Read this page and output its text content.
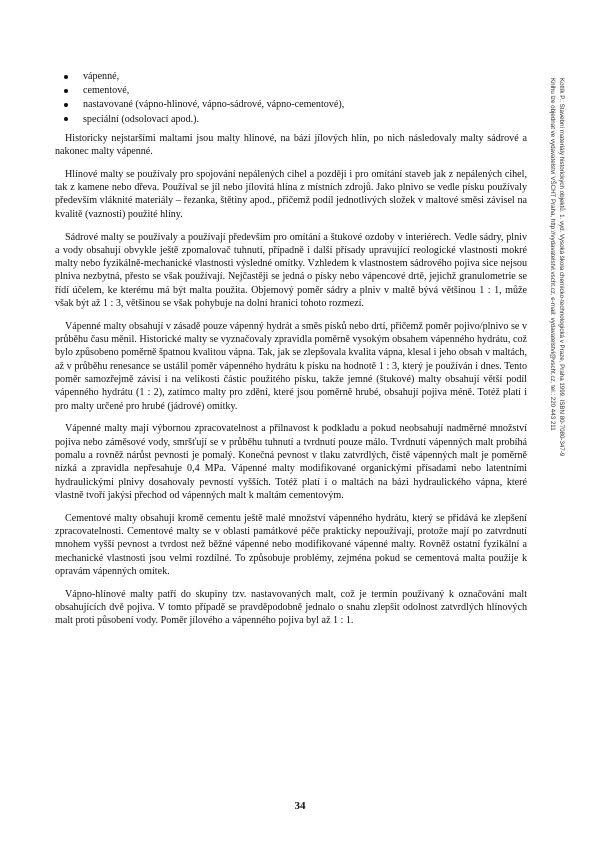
vápenné,
cementové,
nastavované (vápno-hlinové, vápno-sádrové, vápno-cementové),
speciální (odsolovací apod.).

Historicky nejstaršími maltami jsou malty hlinové, na bázi jílových hlín, po nich následovaly malty sádrové a nakonec malty vápenné.

Hlínové malty se používaly pro spojování nepálených cihel a později i pro omítání staveb jak z nepálených cihel, tak z kamene nebo dřeva. Používal se jíl nebo jílovitá hlína z místních zdrojů. Jako plnivo se vedle písku používaly především vláknité materiály – řezanka, štětiny apod., přičemž podíl jednotlivých složek v maltové směsi závisel na kvalitě (vaznosti) použité hlíny.

Sádrové malty se používaly a používají především pro omítání a štukové ozdoby v interiérech. Vedle sádry, plniv a vody obsahují obvykle ještě zpomalovač tuhnutí, případně i další přísady upravující reologické vlastnosti mokré malty nebo fyzikálně-mechanické vlastnosti výsledné omítky. Vzhledem k vlastnostem sádrového pojiva sice nejsou plniva nezbytná, přesto se však používají. Nejčastěji se jedná o písky nebo vápencové drtě, jejichž granulometrie se řídí účelem, ke kterému má být malta použita. Objemový poměr sádry a plniv v maltě bývá většinou 1 : 1, může však být až 1 : 3, většinou se však pohybuje na dolní hranici tohoto rozmezí.

Vápenné malty obsahují v zásadě pouze vápenný hydrát a směs písků nebo drtí, přičemž poměr pojivo/plnivo se v průběhu času měnil. Historické malty se vyznačovaly zpravidla poměrně vysokým obsahem vápenného hydrátu, což bylo způsobeno poměrně špatnou kvalitou vápna. Tak, jak se zlepšovala kvalita vápna, klesal i jeho obsah v maltách, až v průběhu renesance se ustálil poměr vápenného hydrátu k písku na hodnotě 1 : 3, který je používán i dnes. Tento poměr samozřejmě závisí i na velikosti částic použitého písku, takže jemné (štukové) malty obsahují větší podíl vápenného hydrátu (1 : 2), zatímco malty pro zdění, které jsou poměrně hrubé, obsahují pojiva méně. Totéž platí i pro malty určené pro hrubé (jádrové) omítky.

Vápenné malty mají výbornou zpracovatelnost a přilnavost k podkladu a pokud neobsahují nadměrné množství pojiva nebo záměsové vody, smršťují se v průběhu tuhnutí a tvrdnutí pouze málo. Tvrdnutí vápenných malt probíhá pomalu a rovněž nárůst pevnosti je pomalý. Konečná pevnost v tlaku zatvrdlých, čistě vápenných malt je poměrně nízká a zpravidla nepřesahuje 0,4 MPa. Vápenné malty modifikované organickými přísadami nebo latentními hydraulickými plnivy dosahovaly pevností vyšších. Totéž platí i o maltách na bázi hydraulického vápna, které vlastně tvoří jakýsi přechod od vápenných malt k maltám cementovým.

Cementové malty obsahují kromě cementu ještě malé množství vápenného hydrátu, který se přidává ke zlepšení zpracovatelnosti. Cementové malty se v oblasti památkové péče prakticky nepoužívají, protože mají po zatvrdnutí mnohem vyšší pevnost a tvrdost než běžné vápenné nebo modifikované vápenné malty. Rovněž ostatní fyzikální a mechanické vlastnosti jsou velmi rozdílné. To způsobuje problémy, zejména pokud se cementová malta použije k opravám vápenných omítek.

Vápno-hlínové malty patří do skupiny tzv. nastavovaných malt, což je termín používaný k označování malt obsahujících dvě pojiva. V tomto případě se pravděpodobně jednalo o snahu zlepšit odolnost zatvrdlých hlínových malt proti působení vody. Poměr jílového a vápenného pojiva byl až 1 : 1.

34
Kotlík P.: Stavební materiály historických objektů. 1. vyd. Vysoká škola chemicko-technologická v Praze, Praha 1999. ISBN 80-7080-347-9
Knihu lze objednat ve vydavatelství VŠCHT Praha, http://vydavatelstvi.vscht.cz, e-mail: vydavatelstvi@vscht.cz, tel.: 220 443 211
